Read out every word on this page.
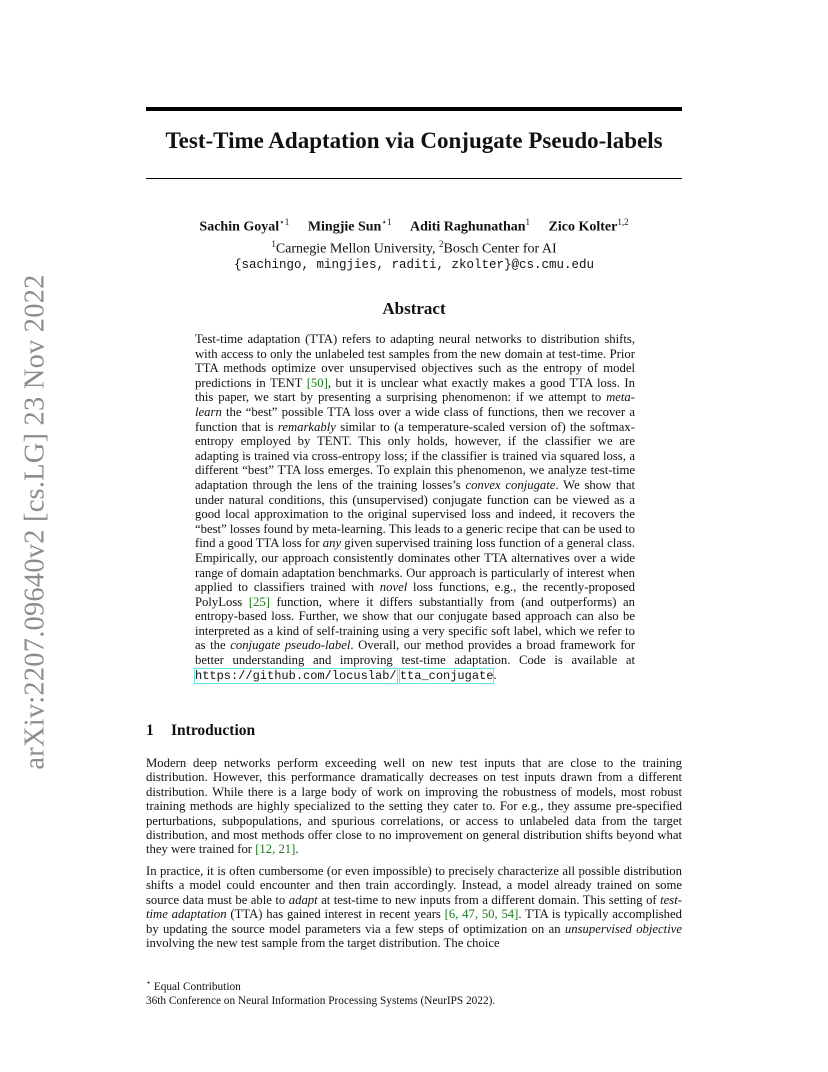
arXiv:2207.09640v2 [cs.LG] 23 Nov 2022
Test-Time Adaptation via Conjugate Pseudo-labels
Sachin Goyal$^{⋆1}$ Mingjie Sun$^{⋆1}$ Aditi Raghunathan$^1$ Zico Kolter$^{1,2}$
$^1$Carnegie Mellon University, $^2$Bosch Center for AI
{sachingo, mingjies, raditi, zkolter}@cs.cmu.edu
Abstract

Test-time adaptation (TTA) refers to adapting neural networks to distribution shifts, with access to only the unlabeled test samples from the new domain at test-time. Prior TTA methods optimize over unsupervised objectives such as the entropy of model predictions in TENT [50], but it is unclear what exactly makes a good TTA loss. In this paper, we start by presenting a surprising phenomenon: if we attempt to meta-learn the “best” possible TTA loss over a wide class of functions, then we recover a function that is remarkably similar to (a temperature-scaled version of) the softmax-entropy employed by TENT. This only holds, however, if the classifier we are adapting is trained via cross-entropy loss; if the classifier is trained via squared loss, a different “best” TTA loss emerges. To explain this phenomenon, we analyze test-time adaptation through the lens of the training losses’s convex conjugate. We show that under natural conditions, this (unsupervised) conjugate function can be viewed as a good local approximation to the original supervised loss and indeed, it recovers the “best” losses found by meta-learning. This leads to a generic recipe that can be used to find a good TTA loss for any given supervised training loss function of a general class. Empirically, our approach consistently dominates other TTA alternatives over a wide range of domain adaptation benchmarks. Our approach is particularly of interest when applied to classifiers trained with novel loss functions, e.g., the recently-proposed PolyLoss [25] function, where it differs substantially from (and outperforms) an entropy-based loss. Further, we show that our conjugate based approach can also be interpreted as a kind of self-training using a very specific soft label, which we refer to as the conjugate pseudo-label. Overall, our method provides a broad framework for better understanding and improving test-time adaptation. Code is available at https://github.com/locuslab/ tta_conjugate.

1 Introduction

Modern deep networks perform exceeding well on new test inputs that are close to the training distribution. However, this performance dramatically decreases on test inputs drawn from a different distribution. While there is a large body of work on improving the robustness of models, most robust training methods are highly specialized to the setting they cater to. For e.g., they assume pre-specified perturbations, subpopulations, and spurious correlations, or access to unlabeled data from the target distribution, and most methods offer close to no improvement on general distribution shifts beyond what they were trained for [12, 21].

In practice, it is often cumbersome (or even impossible) to precisely characterize all possible distribution shifts a model could encounter and then train accordingly. Instead, a model already trained on some source data must be able to adapt at test-time to new inputs from a different domain. This setting of test-time adaptation (TTA) has gained interest in recent years [6, 47, 50, 54]. TTA is typically accomplished by updating the source model parameters via a few steps of optimization on an unsupervised objective involving the new test sample from the target distribution. The choice

⋆ Equal Contribution
36th Conference on Neural Information Processing Systems (NeurIPS 2022).
